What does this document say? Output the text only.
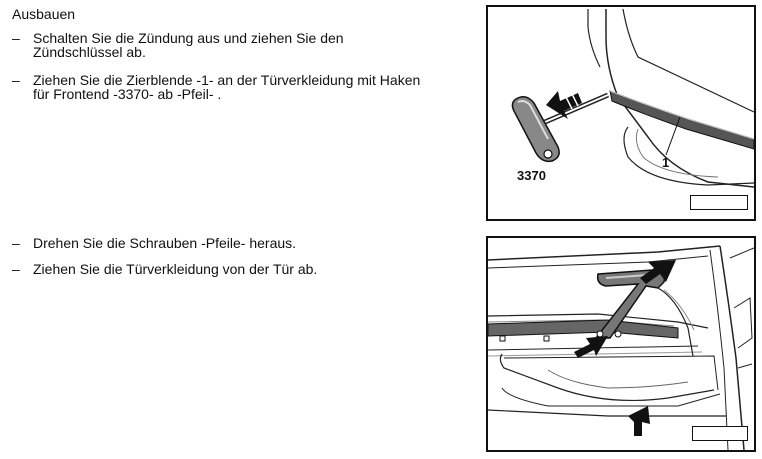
Ausbauen
– Schalten Sie die Zündung aus und ziehen Sie den
Zündschlüssel ab.
– Ziehen Sie die Zierblende -1- an der Türverkleidung mit Haken
für Frontend -3370- ab -Pfeil- .
– Drehen Sie die Schrauben -Pfeile- heraus.
– Ziehen Sie die Türverkleidung von der Tür ab.
3370
1
